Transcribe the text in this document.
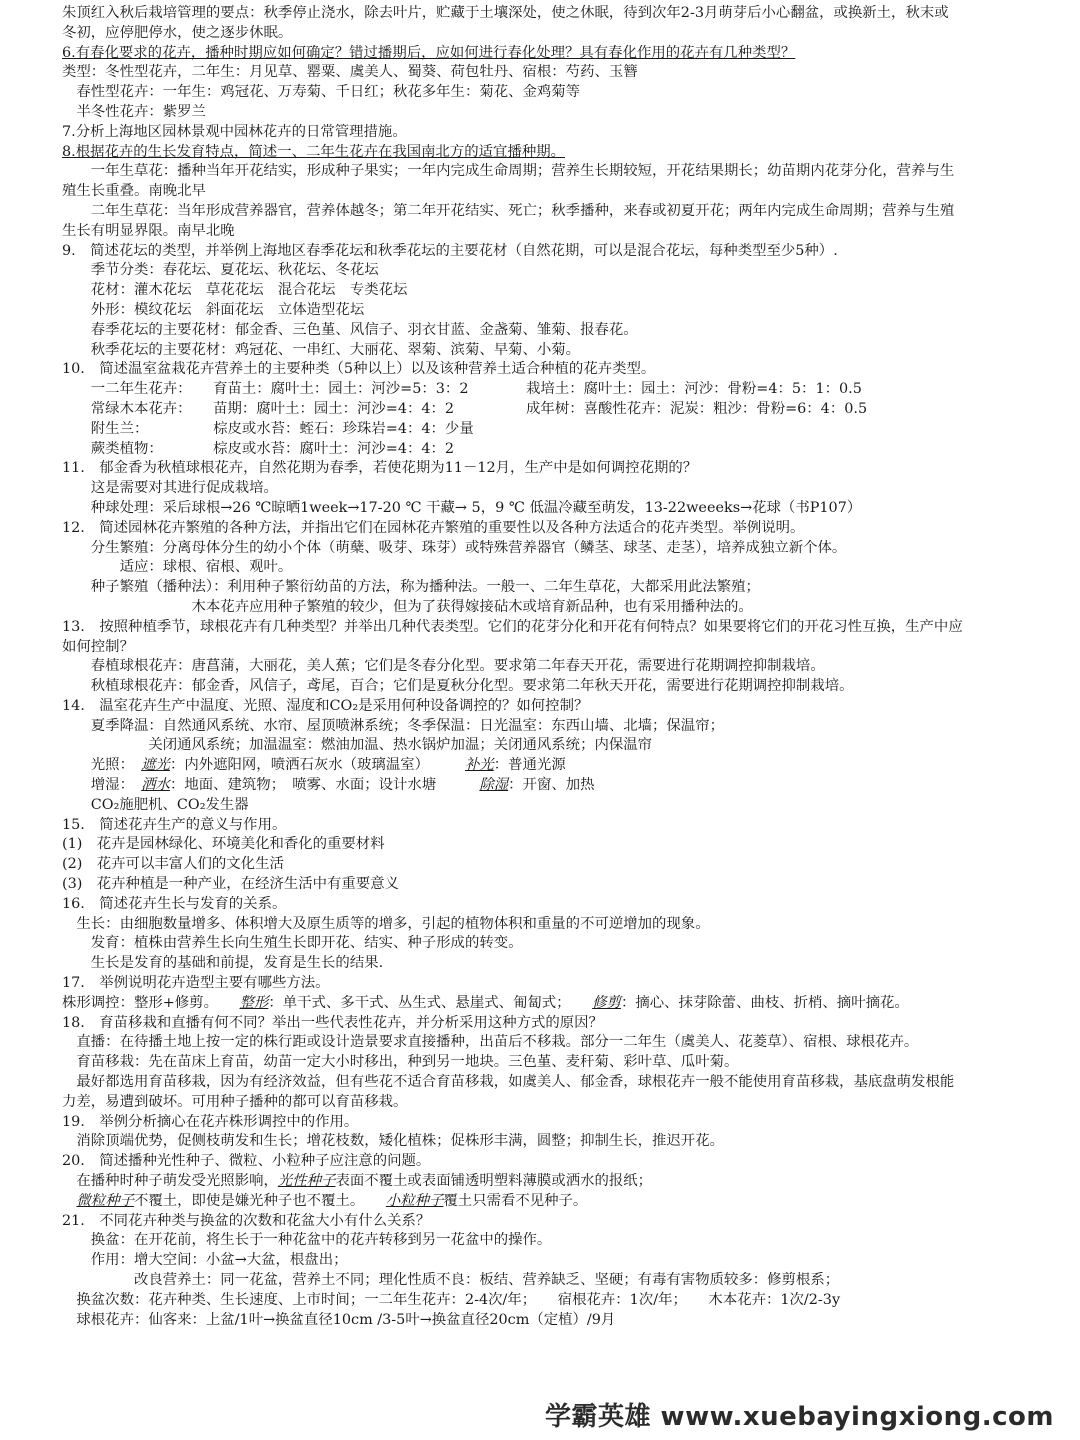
朱顶红入秋后栽培管理的要点：秋季停止浇水，除去叶片，贮藏于土壤深处，使之休眠，待到次年2-3月萌芽后小心翻盆，或换新土，秋末或
冬初，应停肥停水，使之逐步休眠。
6.有春化要求的花卉，播种时期应如何确定？错过播期后，应如何进行春化处理？具有春化作用的花卉有几种类型？
类型：冬性型花卉，二年生：月见草、罂粟、虞美人、蜀葵、荷包牡丹、宿根：芍药、玉簪
　春性型花卉：一年生：鸡冠花、万寿菊、千日红；秋花多年生：菊花、金鸡菊等
　半冬性花卉：紫罗兰
7.分析上海地区园林景观中园林花卉的日常管理措施。
8.根据花卉的生长发育特点，简述一、二年生花卉在我国南北方的适宜播种期。
　　一年生草花：播种当年开花结实，形成种子果实；一年内完成生命周期；营养生长期较短，开花结果期长；幼苗期内花芽分化，营养与生
殖生长重叠。南晚北早
　　二年生草花：当年形成营养器官，营养体越冬；第二年开花结实、死亡；秋季播种，来春或初夏开花；两年内完成生命周期；营养与生殖
生长有明显界限。南早北晚
9.　简述花坛的类型，并举例上海地区春季花坛和秋季花坛的主要花材（自然花期，可以是混合花坛，每种类型至少5种）.
　　季节分类：春花坛、夏花坛、秋花坛、冬花坛
　　花材：灌木花坛　草花花坛　混合花坛　专类花坛
　　外形：模纹花坛　斜面花坛　立体造型花坛
　　春季花坛的主要花材：郁金香、三色堇、风信子、羽衣甘蓝、金盏菊、雏菊、报春花。
　　秋季花坛的主要花材：鸡冠花、一串红、大丽花、翠菊、滨菊、早菊、小菊。
10.　简述温室盆栽花卉营养土的主要种类（5种以上）以及该种营养土适合种植的花卉类型。
　　一二年生花卉：　　育苗土：腐叶土：园土：河沙=5：3：2　　　　栽培土：腐叶土：园土：河沙：骨粉=4：5：1：0.5
　　常绿木本花卉：　　苗期：腐叶土：园土：河沙=4：4：2　　　　　成年树：喜酸性花卉：泥炭：粗沙：骨粉=6：4：0.5
　　附生兰：　　　　　棕皮或水苔：蛭石：珍珠岩=4：4：少量
　　蕨类植物：　　　　棕皮或水苔：腐叶土：河沙=4：4：2
11.　郁金香为秋植球根花卉，自然花期为春季，若使花期为11－12月，生产中是如何调控花期的？
　　这是需要对其进行促成栽培。
　　种球处理：采后球根→26 ℃晾晒1week→17-20 ℃ 干藏→ 5，9 ℃ 低温冷藏至萌发，13-22weeeks→花球（书P107）
12.　简述园林花卉繁殖的各种方法，并指出它们在园林花卉繁殖的重要性以及各种方法适合的花卉类型。举例说明。
　　分生繁殖：分离母体分生的幼小个体（萌蘖、吸芽、珠芽）或特殊营养器官（鳞茎、球茎、走茎），培养成独立新个体。
　　　　适应：球根、宿根、观叶。
　　种子繁殖（播种法）：利用种子繁衍幼苗的方法，称为播种法。一般一、二年生草花，大都采用此法繁殖；
　　　　　　　　　木本花卉应用种子繁殖的较少，但为了获得嫁接砧木或培育新品种，也有采用播种法的。
13.　按照种植季节，球根花卉有几种类型？并举出几种代表类型。它们的花芽分化和开花有何特点？如果要将它们的开花习性互换，生产中应
如何控制？
　　春植球根花卉：唐菖蒲，大丽花，美人蕉；它们是冬春分化型。要求第二年春天开花，需要进行花期调控抑制栽培。
　　秋植球根花卉：郁金香，风信子，鸢尾，百合；它们是夏秋分化型。要求第二年秋天开花，需要进行花期调控抑制栽培。
14.　温室花卉生产中温度、光照、湿度和CO₂是采用何种设备调控的？如何控制？
　　夏季降温：自然通风系统、水帘、屋顶喷淋系统；冬季保温：日光温室：东西山墙、北墙；保温帘；
　　　　　　关闭通风系统；加温温室：燃油加温、热水锅炉加温；关闭通风系统；内保温帘
　　光照：　遮光：内外遮阳网，喷洒石灰水（玻璃温室）　　　补光：普通光源
　　增湿：　洒水：地面、建筑物；　喷雾、水面；设计水塘　　　除湿：开窗、加热
　　CO₂施肥机、CO₂发生器
15.　简述花卉生产的意义与作用。
(1)　花卉是园林绿化、环境美化和香化的重要材料
(2)　花卉可以丰富人们的文化生活
(3)　花卉种植是一种产业，在经济生活中有重要意义
16.　简述花卉生长与发育的关系。
　生长：由细胞数量增多、体积增大及原生质等的增多，引起的植物体积和重量的不可逆增加的现象。
　　发育：植株由营养生长向生殖生长即开花、结实、种子形成的转变。
　　生长是发育的基础和前提，发育是生长的结果.
17.　举例说明花卉造型主要有哪些方法。
株形调控：整形+修剪。　　整形：单干式、多干式、丛生式、悬崖式、匍匐式；　　修剪：摘心、抹芽除蕾、曲枝、折梢、摘叶摘花。
18.　育苗移栽和直播有何不同？举出一些代表性花卉，并分析采用这种方式的原因？
　直播：在待播土地上按一定的株行距或设计造景要求直接播种，出苗后不移栽。部分一二年生（虞美人、花菱草）、宿根、球根花卉。
　育苗移栽：先在苗床上育苗，幼苗一定大小时移出，种到另一地块。三色堇、麦秆菊、彩叶草、瓜叶菊。
　最好都选用育苗移栽，因为有经济效益，但有些花不适合育苗移栽，如虞美人、郁金香，球根花卉一般不能使用育苗移栽，基底盘萌发根能
力差，易遭到破坏。可用种子播种的都可以育苗移栽。
19.　举例分析摘心在花卉株形调控中的作用。
　消除顶端优势，促侧枝萌发和生长；增花枝数，矮化植株；促株形丰满，圆整；抑制生长，推迟开花。
20.　简述播种光性种子、微粒、小粒种子应注意的问题。
　在播种时种子萌发受光照影响，光性种子表面不覆土或表面铺透明塑料薄膜或洒水的报纸；
　微粒种子不覆土，即使是嫌光种子也不覆土。　　小粒种子覆土只需看不见种子。
21.　不同花卉种类与换盆的次数和花盆大小有什么关系？
　　换盆：在开花前，将生长于一种花盆中的花卉转移到另一花盆中的操作。
　　作用：增大空间：小盆→大盆，根盘出；
　　　　　改良营养土：同一花盆，营养土不同；理化性质不良：板结、营养缺乏、坚硬；有毒有害物质较多：修剪根系；
　换盆次数：花卉种类、生长速度、上市时间；一二年生花卉：2-4次/年；　　宿根花卉：1次/年；　　木本花卉：1次/2-3y
　球根花卉：仙客来：上盆/1叶→换盆直径10cm /3-5叶→换盆直径20cm（定植）/9月
学霸英雄 www.xuebayingxiong.com
